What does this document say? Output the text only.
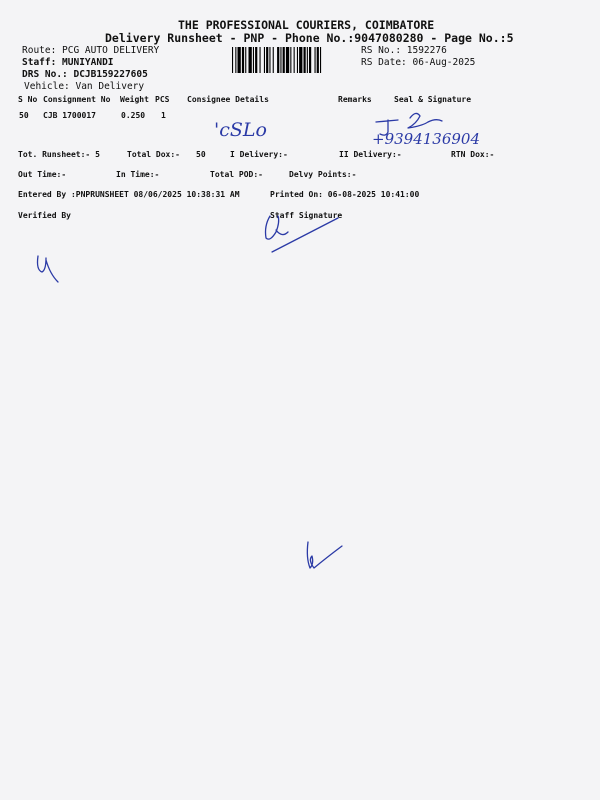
THE PROFESSIONAL COURIERS, COIMBATORE
Delivery Runsheet - PNP - Phone No.:9047080280 - Page No.:5
Route: PCG AUTO DELIVERY
Staff: MUNIYANDI
DRS No.: DCJB159227605
Vehicle: Van Delivery
RS No.: 1592276
RS Date: 06-Aug-2025
S No Consignment No Weight PCS Consignee Details	Remarks	Seal & Signature
50 CJB 1700017	0.250 1
'cSLo	+9394136904
Tot. Runsheet:- 5	Total Dox:- 50	I Delivery:-	II Delivery:-	RTN Dox:-
Out Time:-	In Time:-	Total POD:-	Delvy Points:-
Entered By :PNPRUNSHEET 08/06/2025 10:38:31 AM	Printed On: 06-08-2025 10:41:00
Verified By	Staff Signature
